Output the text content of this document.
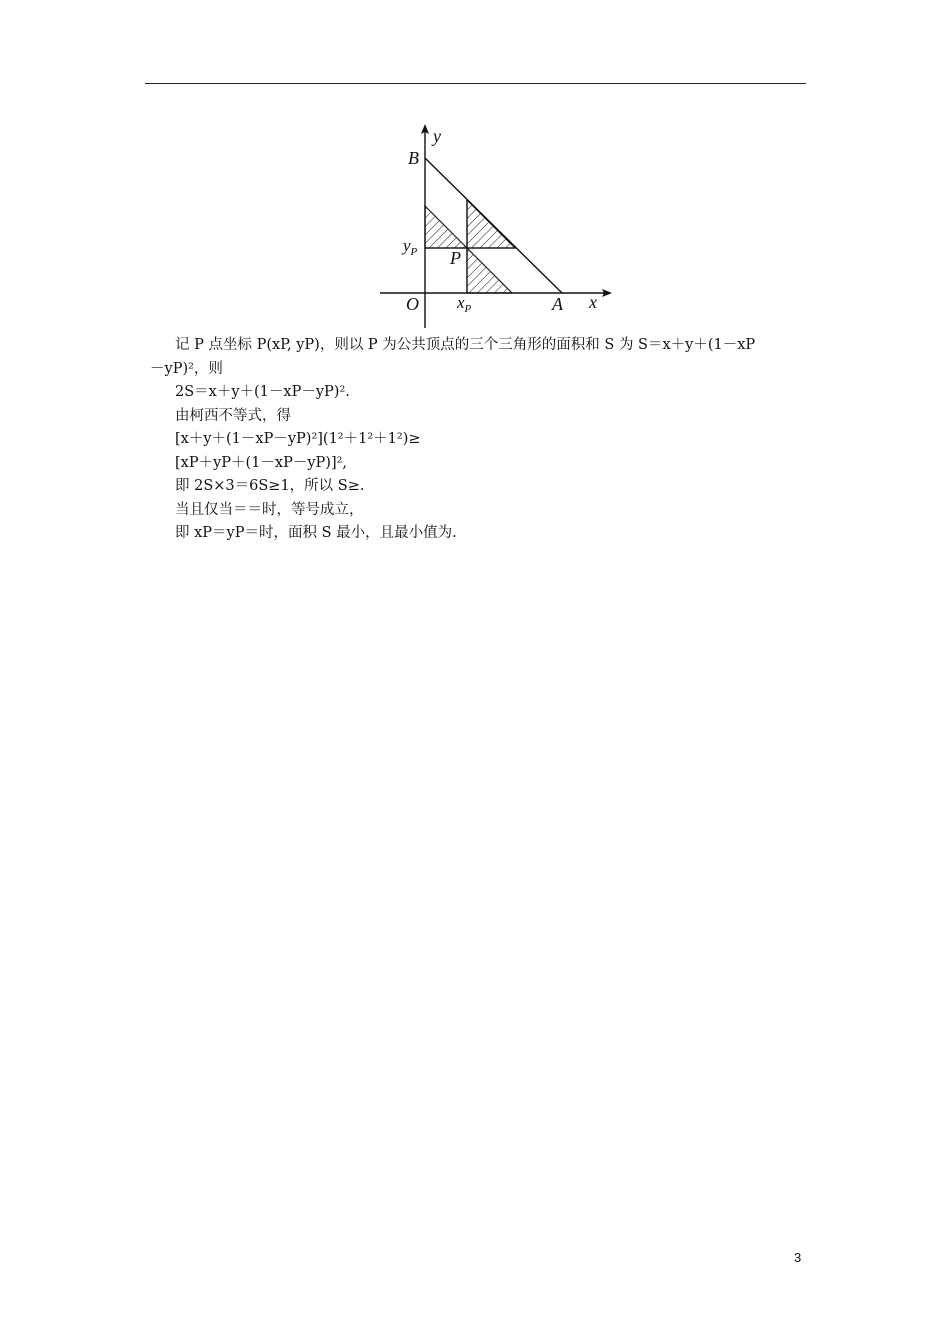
y
B
$y_P$ P
O $x_P$	A x

记 P 点坐标 P(xP, yP)，则以 P 为公共顶点的三个三角形的面积和 S 为 S＝x＋y＋(1－xP

－yP)²，则

2S＝x＋y＋(1－xP－yP)².

由柯西不等式，得

[x＋y＋(1－xP－yP)²](1²＋1²＋1²)≥

[xP＋yP＋(1－xP－yP)]²,

即 2S×3＝6S≥1，所以 S≥.

当且仅当＝＝时，等号成立，

即 xP＝yP＝时，面积 S 最小，且最小值为.

3
